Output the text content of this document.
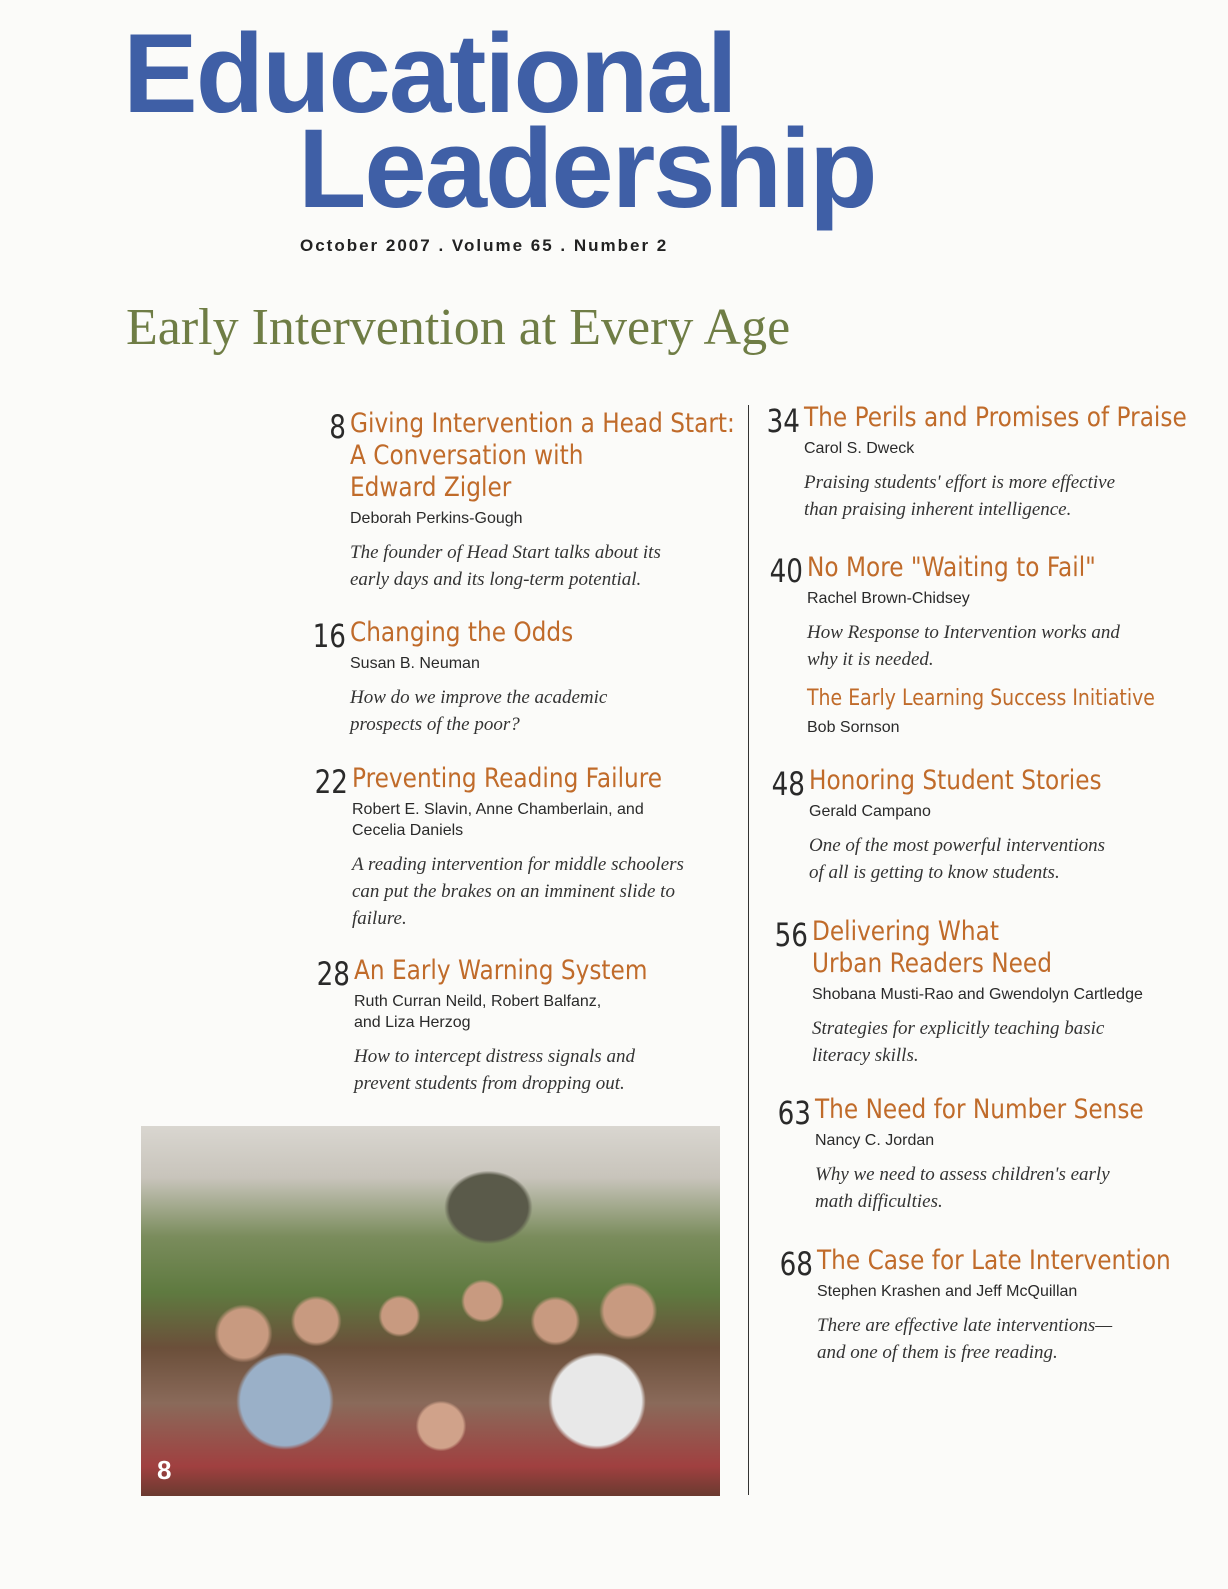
Educational
Leadership
October 2007 . Volume 65 . Number 2
Early Intervention at Every Age
8 Giving Intervention a Head Start:
A Conversation with
Edward Zigler
Deborah Perkins-Gough
The founder of Head Start talks about its
early days and its long-term potential.
16 Changing the Odds
Susan B. Neuman
How do we improve the academic
prospects of the poor?
22 Preventing Reading Failure
Robert E. Slavin, Anne Chamberlain, and
Cecelia Daniels
A reading intervention for middle schoolers
can put the brakes on an imminent slide to
failure.
28 An Early Warning System
Ruth Curran Neild, Robert Balfanz,
and Liza Herzog
How to intercept distress signals and
prevent students from dropping out.
34 The Perils and Promises of Praise
Carol S. Dweck
Praising students' effort is more effective
than praising inherent intelligence.
40 No More "Waiting to Fail"
Rachel Brown-Chidsey
How Response to Intervention works and
why it is needed.
The Early Learning Success Initiative
Bob Sornson
48 Honoring Student Stories
Gerald Campano
One of the most powerful interventions
of all is getting to know students.
56 Delivering What
Urban Readers Need
Shobana Musti-Rao and Gwendolyn Cartledge
Strategies for explicitly teaching basic
literacy skills.
63 The Need for Number Sense
Nancy C. Jordan
Why we need to assess children's early
math difficulties.
68 The Case for Late Intervention
Stephen Krashen and Jeff McQuillan
There are effective late interventions—
and one of them is free reading.
8
